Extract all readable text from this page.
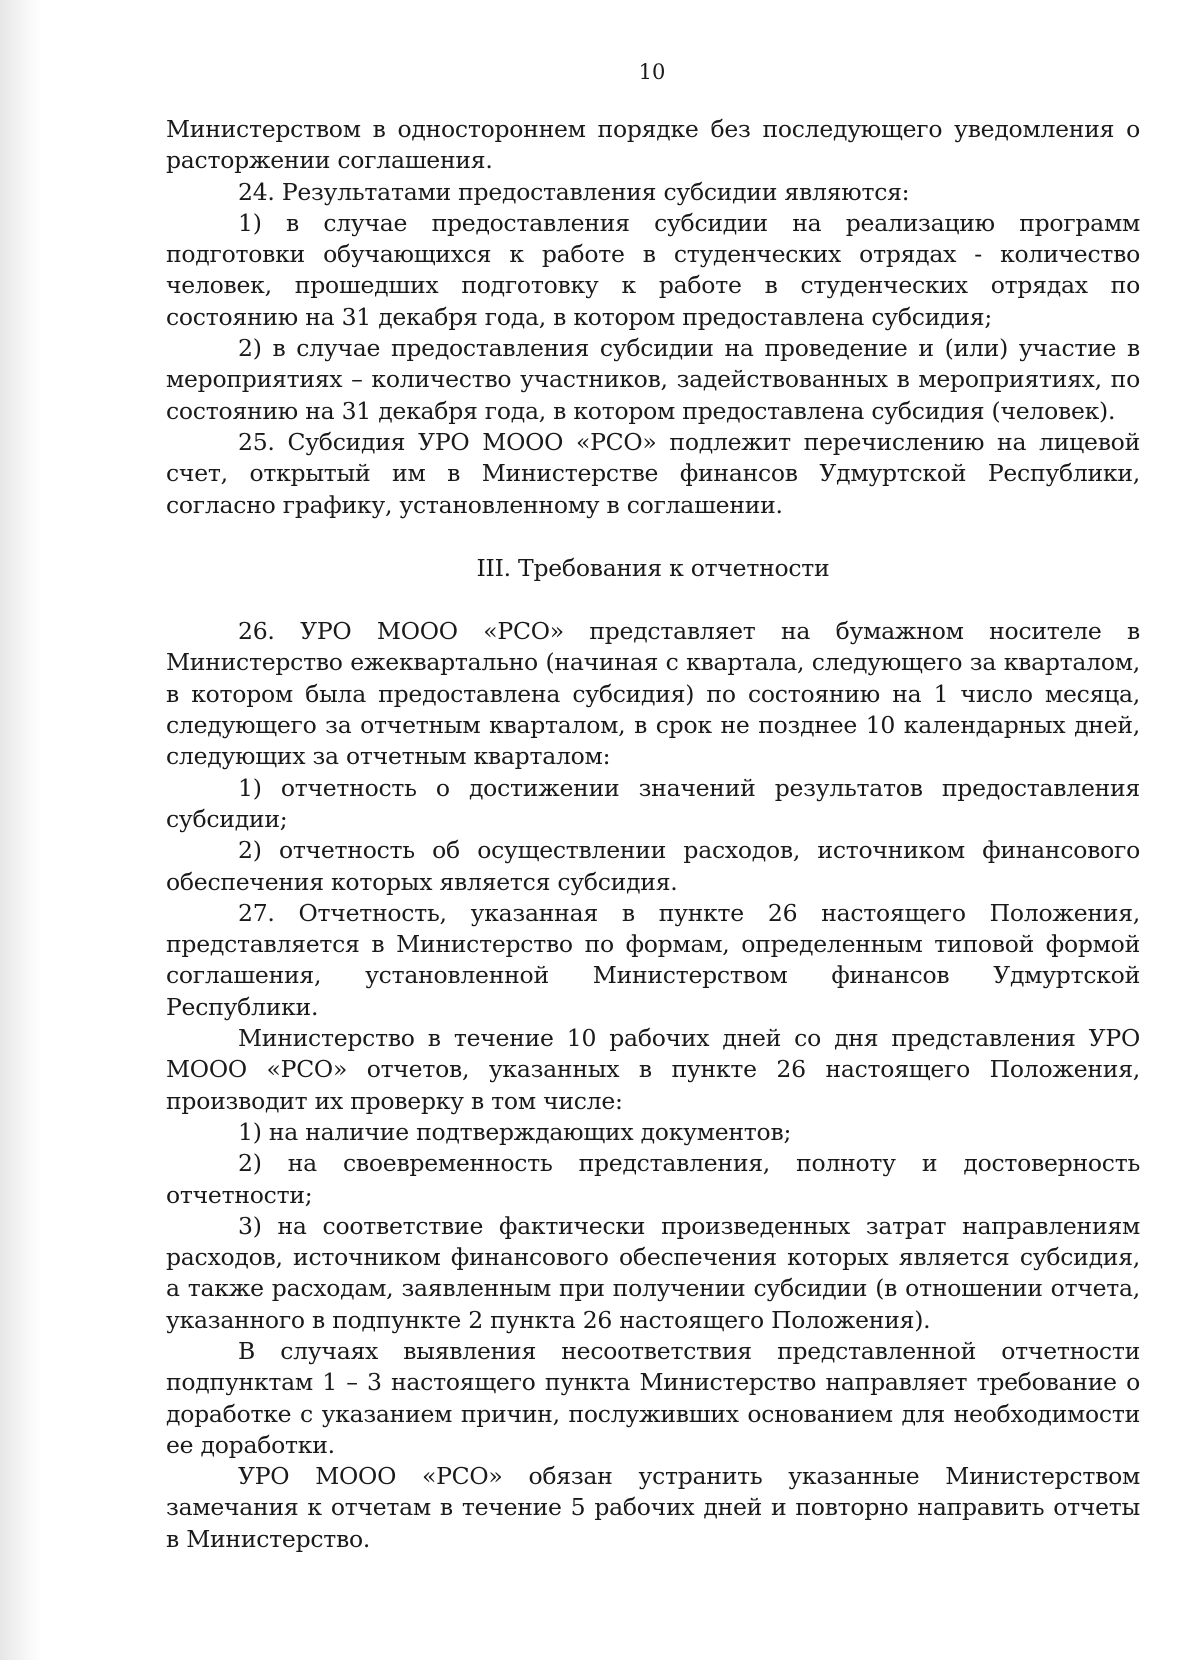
10

Министерством в одностороннем порядке без последующего уведомления о расторжении соглашения.

24. Результатами предоставления субсидии являются:

1) в случае предоставления субсидии на реализацию программ подготовки обучающихся к работе в студенческих отрядах - количество человек, прошедших подготовку к работе в студенческих отрядах по состоянию на 31 декабря года, в котором предоставлена субсидия;

2) в случае предоставления субсидии на проведение и (или) участие в мероприятиях – количество участников, задействованных в мероприятиях, по состоянию на 31 декабря года, в котором предоставлена субсидия (человек).

25. Субсидия УРО МООО «РСО» подлежит перечислению на лицевой счет, открытый им в Министерстве финансов Удмуртской Республики, согласно графику, установленному в соглашении.

III. Требования к отчетности

26. УРО МООО «РСО» представляет на бумажном носителе в Министерство ежеквартально (начиная с квартала, следующего за кварталом, в котором была предоставлена субсидия) по состоянию на 1 число месяца, следующего за отчетным кварталом, в срок не позднее 10 календарных дней, следующих за отчетным кварталом:

1) отчетность о достижении значений результатов предоставления субсидии;

2) отчетность об осуществлении расходов, источником финансового обеспечения которых является субсидия.

27. Отчетность, указанная в пункте 26 настоящего Положения, представляется в Министерство по формам, определенным типовой формой соглашения, установленной Министерством финансов Удмуртской Республики.

Министерство в течение 10 рабочих дней со дня представления УРО МООО «РСО» отчетов, указанных в пункте 26 настоящего Положения, производит их проверку в том числе:

1) на наличие подтверждающих документов;

2) на своевременность представления, полноту и достоверность отчетности;

3) на соответствие фактически произведенных затрат направлениям расходов, источником финансового обеспечения которых является субсидия, а также расходам, заявленным при получении субсидии (в отношении отчета, указанного в подпункте 2 пункта 26 настоящего Положения).

В случаях выявления несоответствия представленной отчетности подпунктам 1 – 3 настоящего пункта Министерство направляет требование о доработке с указанием причин, послуживших основанием для необходимости ее доработки.

УРО МООО «РСО» обязан устранить указанные Министерством замечания к отчетам в течение 5 рабочих дней и повторно направить отчеты в Министерство.
